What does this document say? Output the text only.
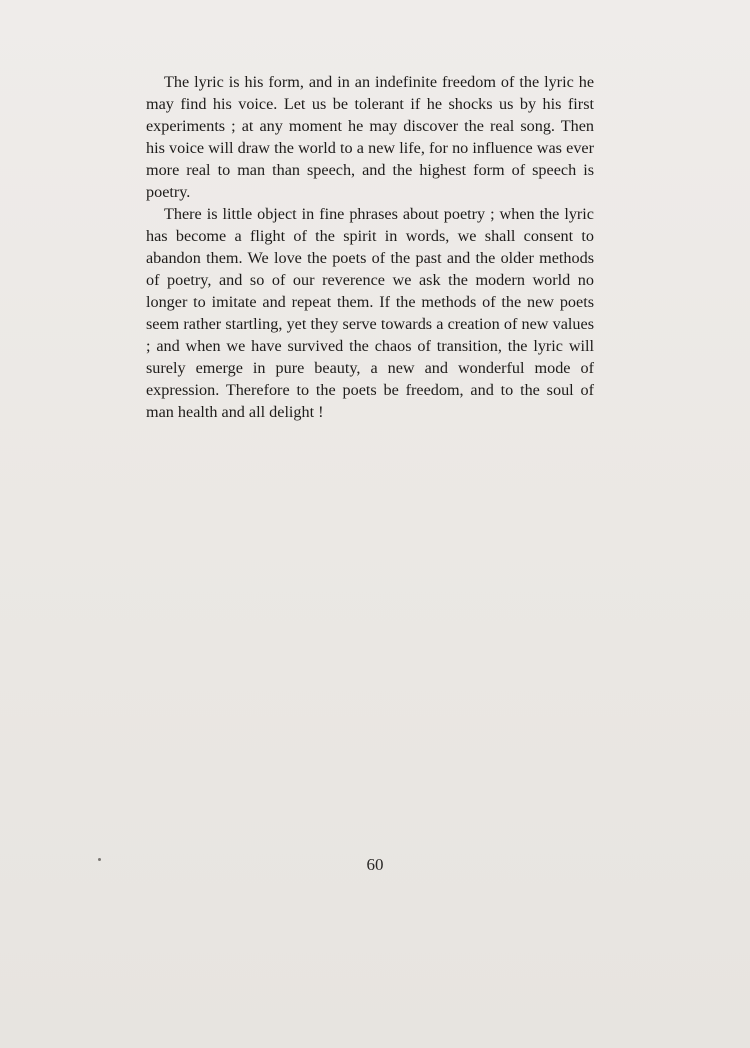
The lyric is his form, and in an indefinite freedom of the lyric he may find his voice. Let us be tolerant if he shocks us by his first experiments ; at any moment he may discover the real song. Then his voice will draw the world to a new life, for no influence was ever more real to man than speech, and the highest form of speech is poetry.

There is little object in fine phrases about poetry ; when the lyric has become a flight of the spirit in words, we shall consent to abandon them. We love the poets of the past and the older methods of poetry, and so of our reverence we ask the modern world no longer to imitate and repeat them. If the methods of the new poets seem rather startling, yet they serve towards a creation of new values ; and when we have survived the chaos of transition, the lyric will surely emerge in pure beauty, a new and wonderful mode of expression. Therefore to the poets be freedom, and to the soul of man health and all delight !

60
